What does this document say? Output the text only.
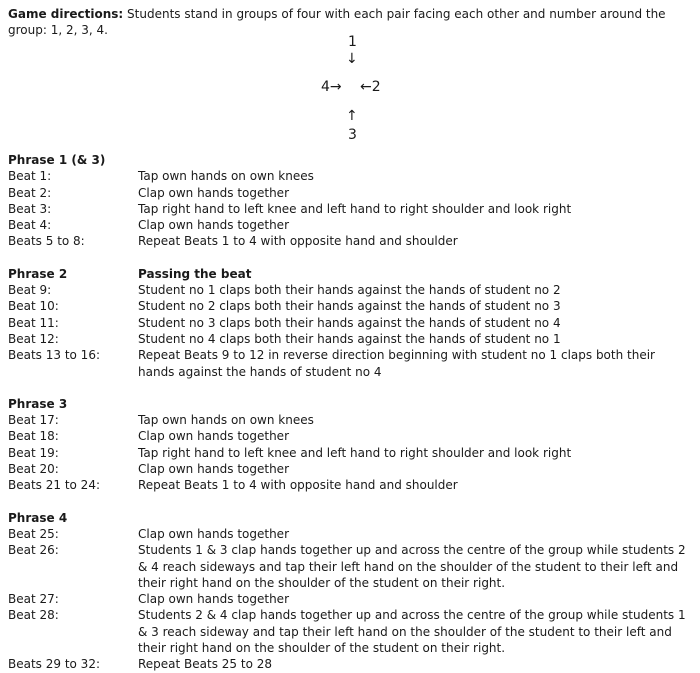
Game directions: Students stand in groups of four with each pair facing each other and number around the group: 1, 2, 3, 4.

1
↓
4→ ←2
↑
3
Phrase 1 (& 3)
Beat 1:	Tap own hands on own knees
Beat 2:	Clap own hands together
Beat 3:	Tap right hand to left knee and left hand to right shoulder and look right
Beat 4:	Clap own hands together
Beats 5 to 8:	Repeat Beats 1 to 4 with opposite hand and shoulder
Phrase 2	Passing the beat
Beat 9:	Student no 1 claps both their hands against the hands of student no 2
Beat 10:	Student no 2 claps both their hands against the hands of student no 3
Beat 11:	Student no 3 claps both their hands against the hands of student no 4
Beat 12:	Student no 4 claps both their hands against the hands of student no 1
Beats 13 to 16:	Repeat Beats 9 to 12 in reverse direction beginning with student no 1 claps both their hands against the hands of student no 4
Phrase 3
Beat 17:	Tap own hands on own knees
Beat 18:	Clap own hands together
Beat 19:	Tap right hand to left knee and left hand to right shoulder and look right
Beat 20:	Clap own hands together
Beats 21 to 24:	Repeat Beats 1 to 4 with opposite hand and shoulder
Phrase 4
Beat 25:	Clap own hands together
Beat 26:	Students 1 & 3 clap hands together up and across the centre of the group while students 2 & 4 reach sideways and tap their left hand on the shoulder of the student to their left and their right hand on the shoulder of the student on their right.
Beat 27:	Clap own hands together
Beat 28:	Students 2 & 4 clap hands together up and across the centre of the group while students 1 & 3 reach sideway and tap their left hand on the shoulder of the student to their left and their right hand on the shoulder of the student on their right.
Beats 29 to 32:	Repeat Beats 25 to 28
